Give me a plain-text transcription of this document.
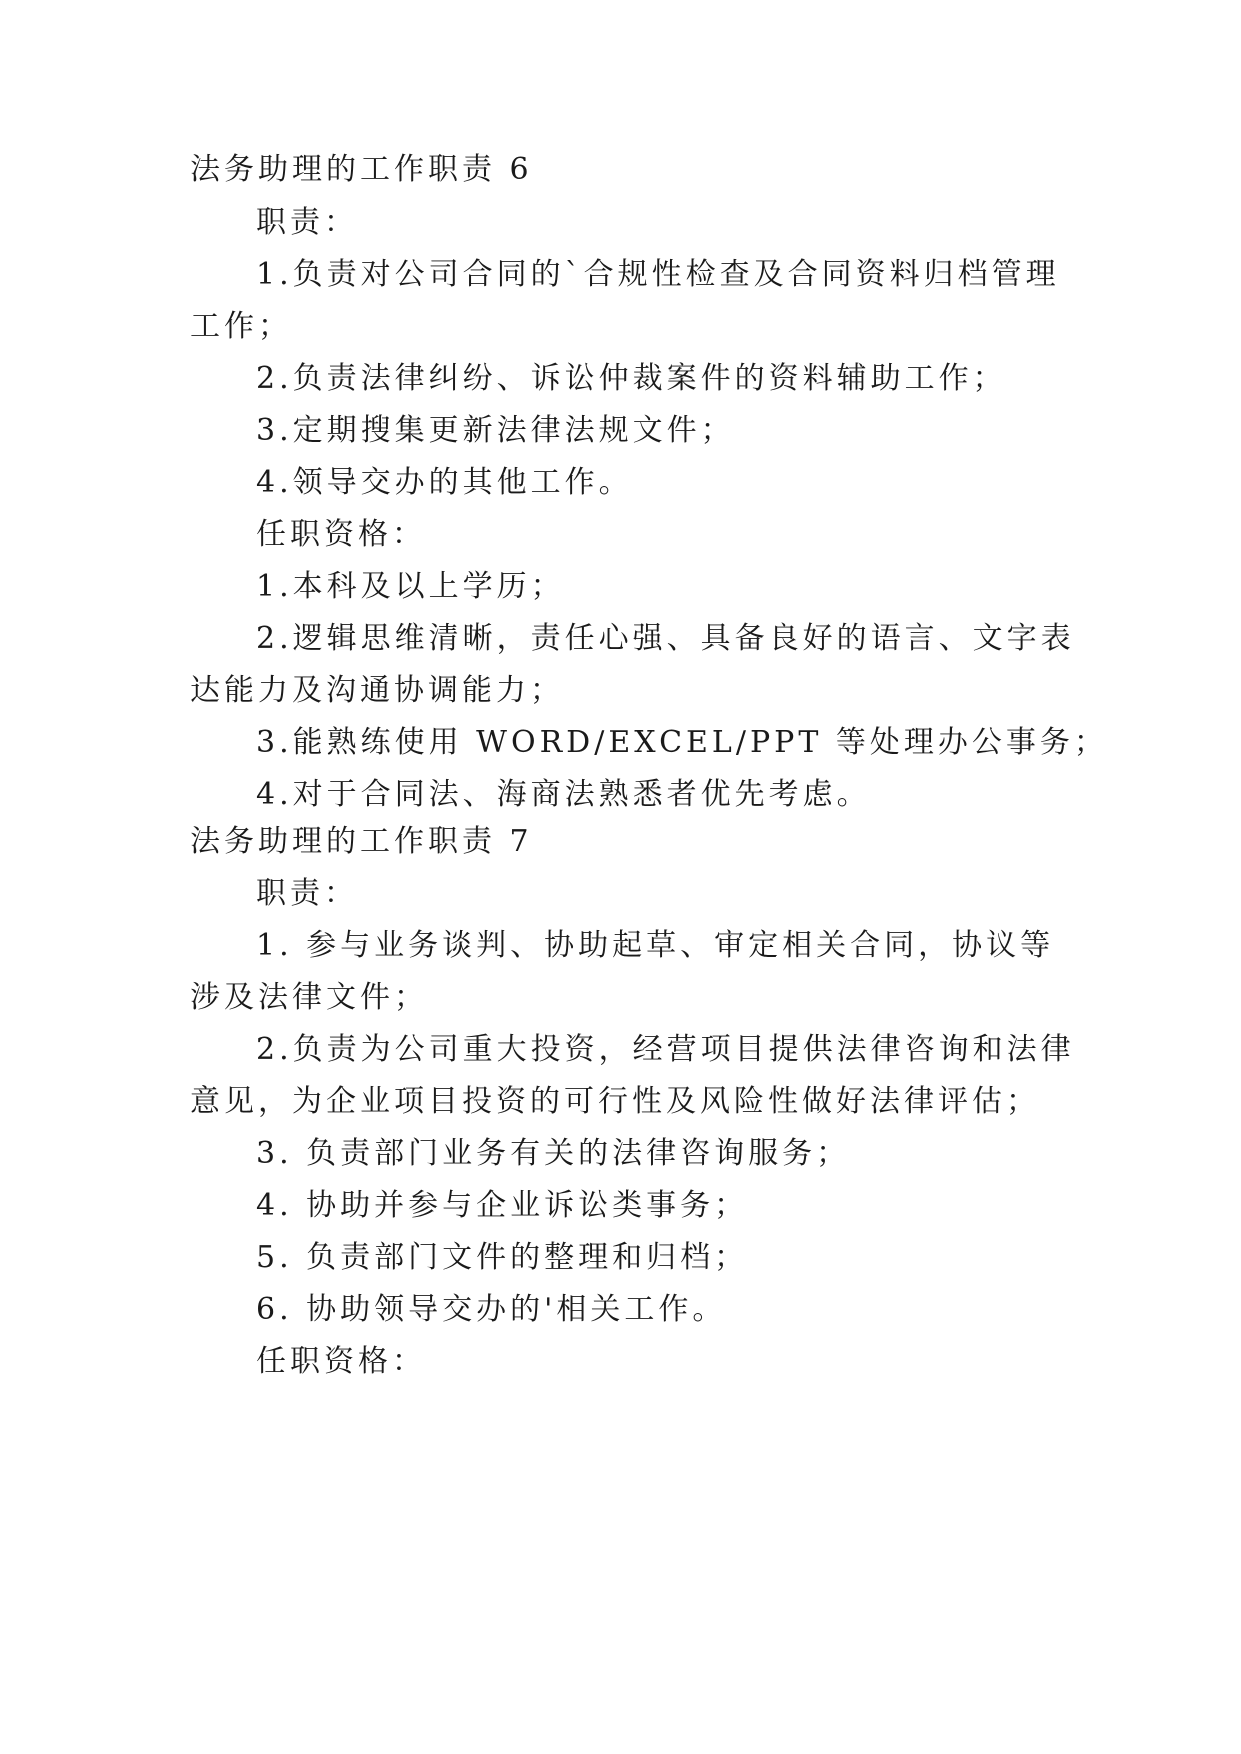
法务助理的工作职责 6

职责：

1.负责对公司合同的`合规性检查及合同资料归档管理

工作；

2.负责法律纠纷、诉讼仲裁案件的资料辅助工作；

3.定期搜集更新法律法规文件；

4.领导交办的其他工作。

任职资格：

1.本科及以上学历；

2.逻辑思维清晰，责任心强、具备良好的语言、文字表

达能力及沟通协调能力；

3.能熟练使用 WORD/EXCEL/PPT 等处理办公事务；

4.对于合同法、海商法熟悉者优先考虑。

法务助理的工作职责 7

职责：

1. 参与业务谈判、协助起草、审定相关合同，协议等

涉及法律文件；

2.负责为公司重大投资，经营项目提供法律咨询和法律

意见，为企业项目投资的可行性及风险性做好法律评估；

3. 负责部门业务有关的法律咨询服务；

4. 协助并参与企业诉讼类事务；

5. 负责部门文件的整理和归档；

6. 协助领导交办的'相关工作。

任职资格：
